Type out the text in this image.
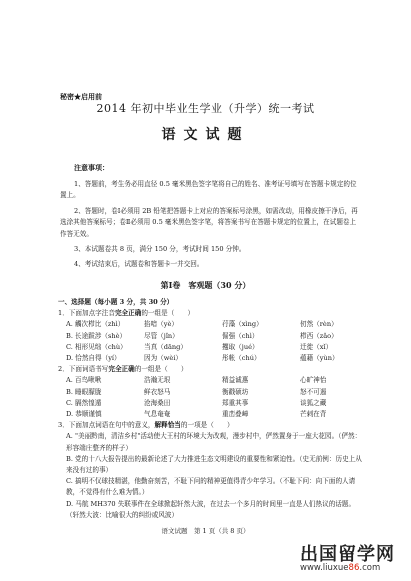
秘密★启用前
2014 年初中毕业生学业（升学）统一考试
语文试题
注意事项：

1、答题前，考生务必用直径 0.5 毫米黑色签字笔将自己的姓名、准考证号填写在答题卡规定的位置上。

2、答题时，卷Ⅰ必须用 2B 铅笔把答题卡上对应的答案标号涂黑，如需改动，用橡皮擦干净后，再选涂其他答案标号；卷Ⅱ必须用 0.5 毫米黑色签字笔，将答案书写在答题卡规定的位置上，在试题卷上作答无效。

3、本试题卷共 8 页，满分 150 分，考试时间 150 分钟。

4、考试结束后，试题卷和答题卡一并交回。

第Ⅰ卷　客观题（30 分）
一、选择题（每小题 3 分，共 30 分）
1．下面加点字注音完全正确的一组是（　　）
A. 觸次栉比（zhì）	掐喑（yè）	荇藻（xìng）	仞然（rèn）
B. 长途跋涉（shè）	尽管（jǐn）	倔强（chì）	栉西（zǎo）
C. 相形见绌（chù）	当真（dāng）	攫取（jué）	迁徙（xǐ）
D. 恰然自得（yí）	因为（wèi）	彤帐（chú）	蕴藉（yùn）
2．下面词语书写完全正确的一组是（　　）
A. 百鸟啾啾	浩瀚无垠	精益诚惠	心旷神怡
B. 睡眼朦胧	鲜衣怒马	衡戳硕坊	怒不可遏
C. 膈然惶遁	沧海桑田	郑重其事	谈狐之藏
D. 恭顺谨慎	气息奄奄	重峦叠嶂	芒刺在背
3．下面加点词语在句中的意义，解释恰当的一项是（　　）
A. "美丽黔南，清洁乡村"活动使大王村的环境大为改观，漫步村中，俨然置身于一座大花园。（俨然：形容端庄整齐的样子）
B. 党的十八大报告提出的最新论述了大力推进生态文明建设的重要性和紧迫性。（史无前例：历史上从来没有过的事）
C. 搞明不仅球技精湛，他勤奋刻苦，不耻下问的精神更值得青少年学习。（不耻下问：向下面的人请教，不觉得有什么难为情。）
D. 马航 MH370 失联事件在全球掀起轩然大波，在过去一个多月的时间里一直是人们热议的话题。（轩然大波：比喻很大的纠纷或风波）
语文试题　第 1 页（共 8 页）
出国留学网
www.liuxue86.com
